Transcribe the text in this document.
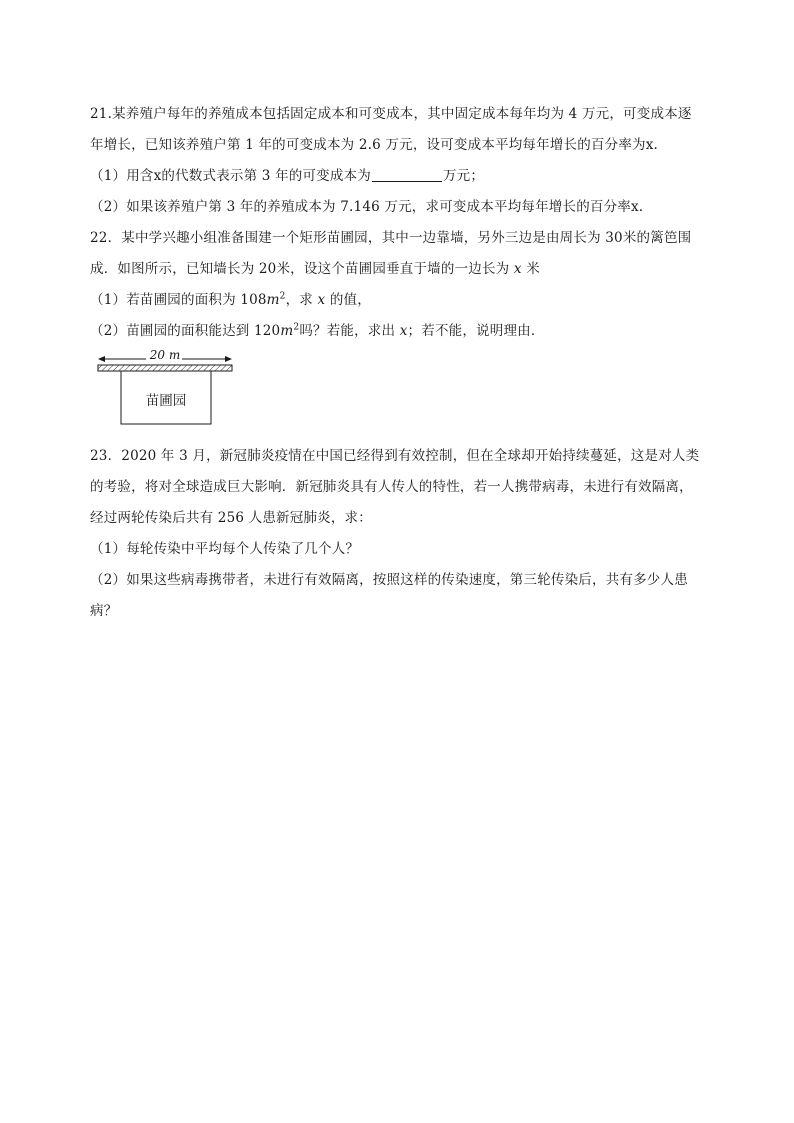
21.某养殖户每年的养殖成本包括固定成本和可变成本，其中固定成本每年均为 4 万元，可变成本逐
年增长，已知该养殖户第 1 年的可变成本为 2.6 万元，设可变成本平均每年增长的百分率为x.
（1）用含x的代数式表示第 3 年的可变成本为	万元；
（2）如果该养殖户第 3 年的养殖成本为 7.146 万元，求可变成本平均每年增长的百分率x.
22．某中学兴趣小组准备围建一个矩形苗圃园，其中一边靠墙，另外三边是由周长为 30米的篱笆围
成．如图所示，已知墙长为 20米，设这个苗圃园垂直于墙的一边长为 x 米
（1）若苗圃园的面积为 $108m^2$，求 x 的值，
（2）苗圃园的面积能达到 $120m^2$吗？若能，求出 x；若不能，说明理由．
20 m
苗圃园
23．2020 年 3 月，新冠肺炎疫情在中国已经得到有效控制，但在全球却开始持续蔓延，这是对人类
的考验，将对全球造成巨大影响．新冠肺炎具有人传人的特性，若一人携带病毒，未进行有效隔离，
经过两轮传染后共有 256 人患新冠肺炎，求：
（1）每轮传染中平均每个人传染了几个人？
（2）如果这些病毒携带者，未进行有效隔离，按照这样的传染速度，第三轮传染后，共有多少人患
病？
